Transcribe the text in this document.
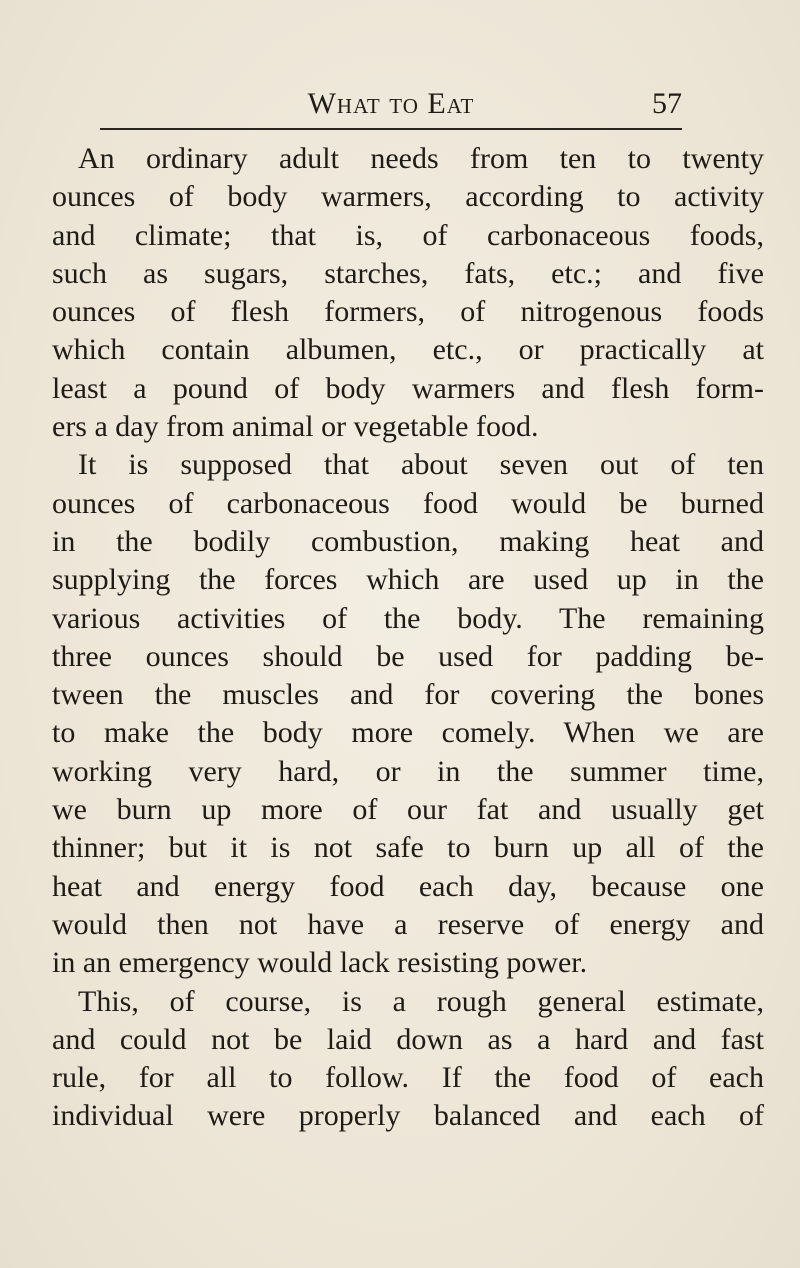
What to Eat	57
An ordinary adult needs from ten to twenty
ounces of body warmers, according to activity
and climate; that is, of carbonaceous foods,
such as sugars, starches, fats, etc.; and five
ounces of flesh formers, of nitrogenous foods
which contain albumen, etc., or practically at
least a pound of body warmers and flesh form-
ers a day from animal or vegetable food.
It is supposed that about seven out of ten
ounces of carbonaceous food would be burned
in the bodily combustion, making heat and
supplying the forces which are used up in the
various activities of the body. The remaining
three ounces should be used for padding be-
tween the muscles and for covering the bones
to make the body more comely. When we are
working very hard, or in the summer time,
we burn up more of our fat and usually get
thinner; but it is not safe to burn up all of the
heat and energy food each day, because one
would then not have a reserve of energy and
in an emergency would lack resisting power.
This, of course, is a rough general estimate,
and could not be laid down as a hard and fast
rule, for all to follow. If the food of each
individual were properly balanced and each of
